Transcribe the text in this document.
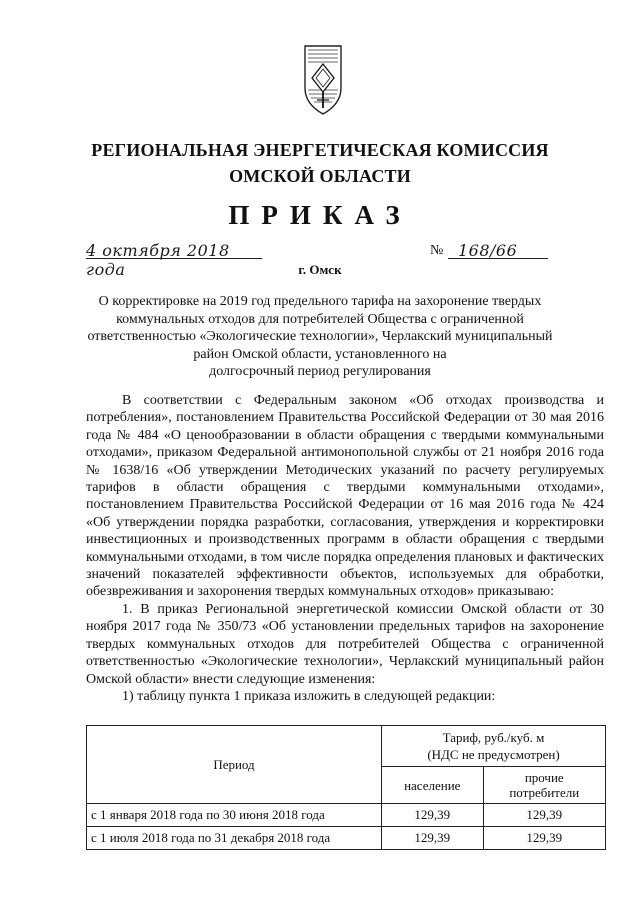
РЕГИОНАЛЬНАЯ ЭНЕРГЕТИЧЕСКАЯ КОМИССИЯ
ОМСКОЙ ОБЛАСТИ
ПРИКАЗ
4 октября 2018 года
№ 168/66
г. Омск
О корректировке на 2019 год предельного тарифа на захоронение твердых
коммунальных отходов для потребителей Общества с ограниченной
ответственностью «Экологические технологии», Черлакский муниципальный
район Омской области, установленного на
долгосрочный период регулирования

В соответствии с Федеральным законом «Об отходах производства и потребления», постановлением Правительства Российской Федерации от 30 мая 2016 года № 484 «О ценообразовании в области обращения с твердыми коммунальными отходами», приказом Федеральной антимонопольной службы от 21 ноября 2016 года № 1638/16 «Об утверждении Методических указаний по расчету регулируемых тарифов в области обращения с твердыми коммунальными отходами», постановлением Правительства Российской Федерации от 16 мая 2016 года № 424 «Об утверждении порядка разработки, согласования, утверждения и корректировки инвестиционных и производственных программ в области обращения с твердыми коммунальными отходами, в том числе порядка определения плановых и фактических значений показателей эффективности объектов, используемых для обработки, обезвреживания и захоронения твердых коммунальных отходов» приказываю:

1. В приказ Региональной энергетической комиссии Омской области от 30 ноября 2017 года № 350/73 «Об установлении предельных тарифов на захоронение твердых коммунальных отходов для потребителей Общества с ограниченной ответственностью «Экологические технологии», Черлакский муниципальный район Омской области» внести следующие изменения:

1) таблицу пункта 1 приказа изложить в следующей редакции:

Период	Тариф, руб./куб. м
(НДС не предусмотрен)	

	население	прочие
потребители

с 1 января 2018 года по 30 июня 2018 года	129,39	129,39
с 1 июля 2018 года по 31 декабря 2018 года	129,39	129,39
